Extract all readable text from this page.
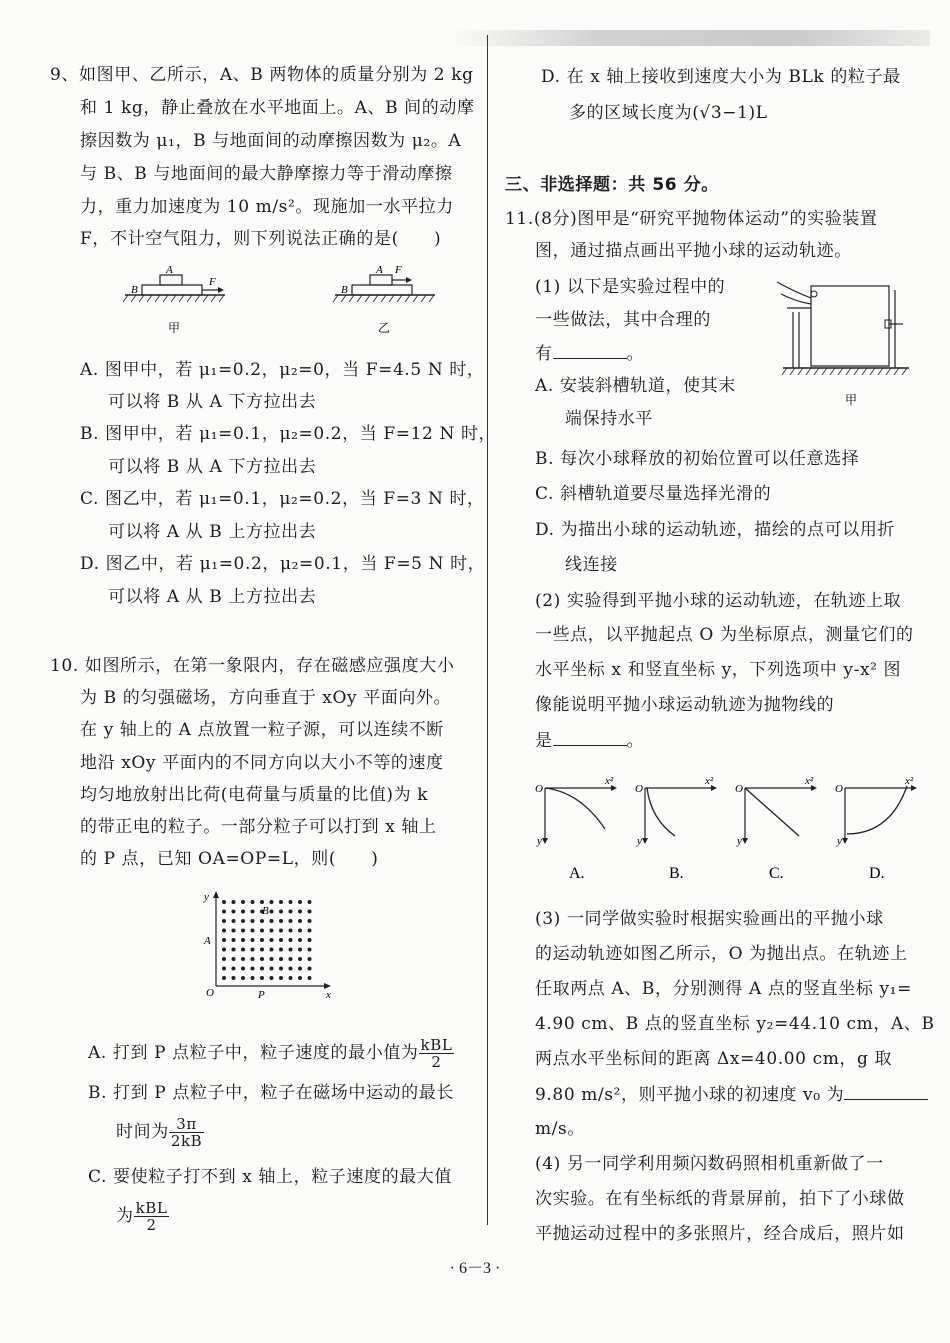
9、如图甲、乙所示，A、B 两物体的质量分别为 2 kg
和 1 kg，静止叠放在水平地面上。A、B 间的动摩
擦因数为 μ₁，B 与地面间的动摩擦因数为 μ₂。A
与 B、B 与地面间的最大静摩擦力等于滑动摩擦
力，重力加速度为 10 m/s²。现施加一水平拉力
F，不计空气阻力，则下列说法正确的是(　　)
B
A
F
甲
B
A F
乙
A. 图甲中，若 μ₁=0.2，μ₂=0，当 F=4.5 N 时，
可以将 B 从 A 下方拉出去
B. 图甲中，若 μ₁=0.1，μ₂=0.2，当 F=12 N 时，
可以将 B 从 A 下方拉出去
C. 图乙中，若 μ₁=0.1，μ₂=0.2，当 F=3 N 时，
可以将 A 从 B 上方拉出去
D. 图乙中，若 μ₁=0.2，μ₂=0.1，当 F=5 N 时，
可以将 A 从 B 上方拉出去
10. 如图所示，在第一象限内，存在磁感应强度大小
为 B 的匀强磁场，方向垂直于 xOy 平面向外。
在 y 轴上的 A 点放置一粒子源，可以连续不断
地沿 xOy 平面内的不同方向以大小不等的速度
均匀地放射出比荷(电荷量与质量的比值)为 k
的带正电的粒子。一部分粒子可以打到 x 轴上
的 P 点，已知 OA=OP=L，则(　　)
y
x
O
A
P
B
A. 打到 P 点粒子中，粒子速度的最小值为 $\frac{\text{kBL}}{2}$
B. 打到 P 点粒子中，粒子在磁场中运动的最长
时间为 $\frac{3\pi}{2kB}$
C. 要使粒子打不到 x 轴上，粒子速度的最大值
为 $\frac{\text{kBL}}{2}$
D. 在 x 轴上接收到速度大小为 BLk 的粒子最
多的区域长度为(√3−1)L
三、非选择题：共 56 分。
11.(8分)图甲是“研究平抛物体运动”的实验装置
图，通过描点画出平抛小球的运动轨迹。
(1) 以下是实验过程中的
一些做法，其中合理的
有	。
A. 安装斜槽轨道，使其末
端保持水平
甲
B. 每次小球释放的初始位置可以任意选择
C. 斜槽轨道要尽量选择光滑的
D. 为描出小球的运动轨迹，描绘的点可以用折
线连接
(2) 实验得到平抛小球的运动轨迹，在轨迹上取
一些点，以平抛起点 O 为坐标原点，测量它们的
水平坐标 x 和竖直坐标 y，下列选项中 y-x² 图
像能说明平抛小球运动轨迹为抛物线的
是	。
O
x²
y
A.
O
x²
y
B.
O
x²
y
C.
O
x²
y
D.
(3) 一同学做实验时根据实验画出的平抛小球
的运动轨迹如图乙所示，O 为抛出点。在轨迹上
任取两点 A、B，分别测得 A 点的竖直坐标 y₁=
4.90 cm、B 点的竖直坐标 y₂=44.10 cm，A、B
两点水平坐标间的距离 Δx=40.00 cm，g 取
9.80 m/s²，则平抛小球的初速度 v₀ 为
m/s。
(4) 另一同学利用频闪数码照相机重新做了一
次实验。在有坐标纸的背景屏前，拍下了小球做
平抛运动过程中的多张照片，经合成后，照片如
· 6－3 ·
